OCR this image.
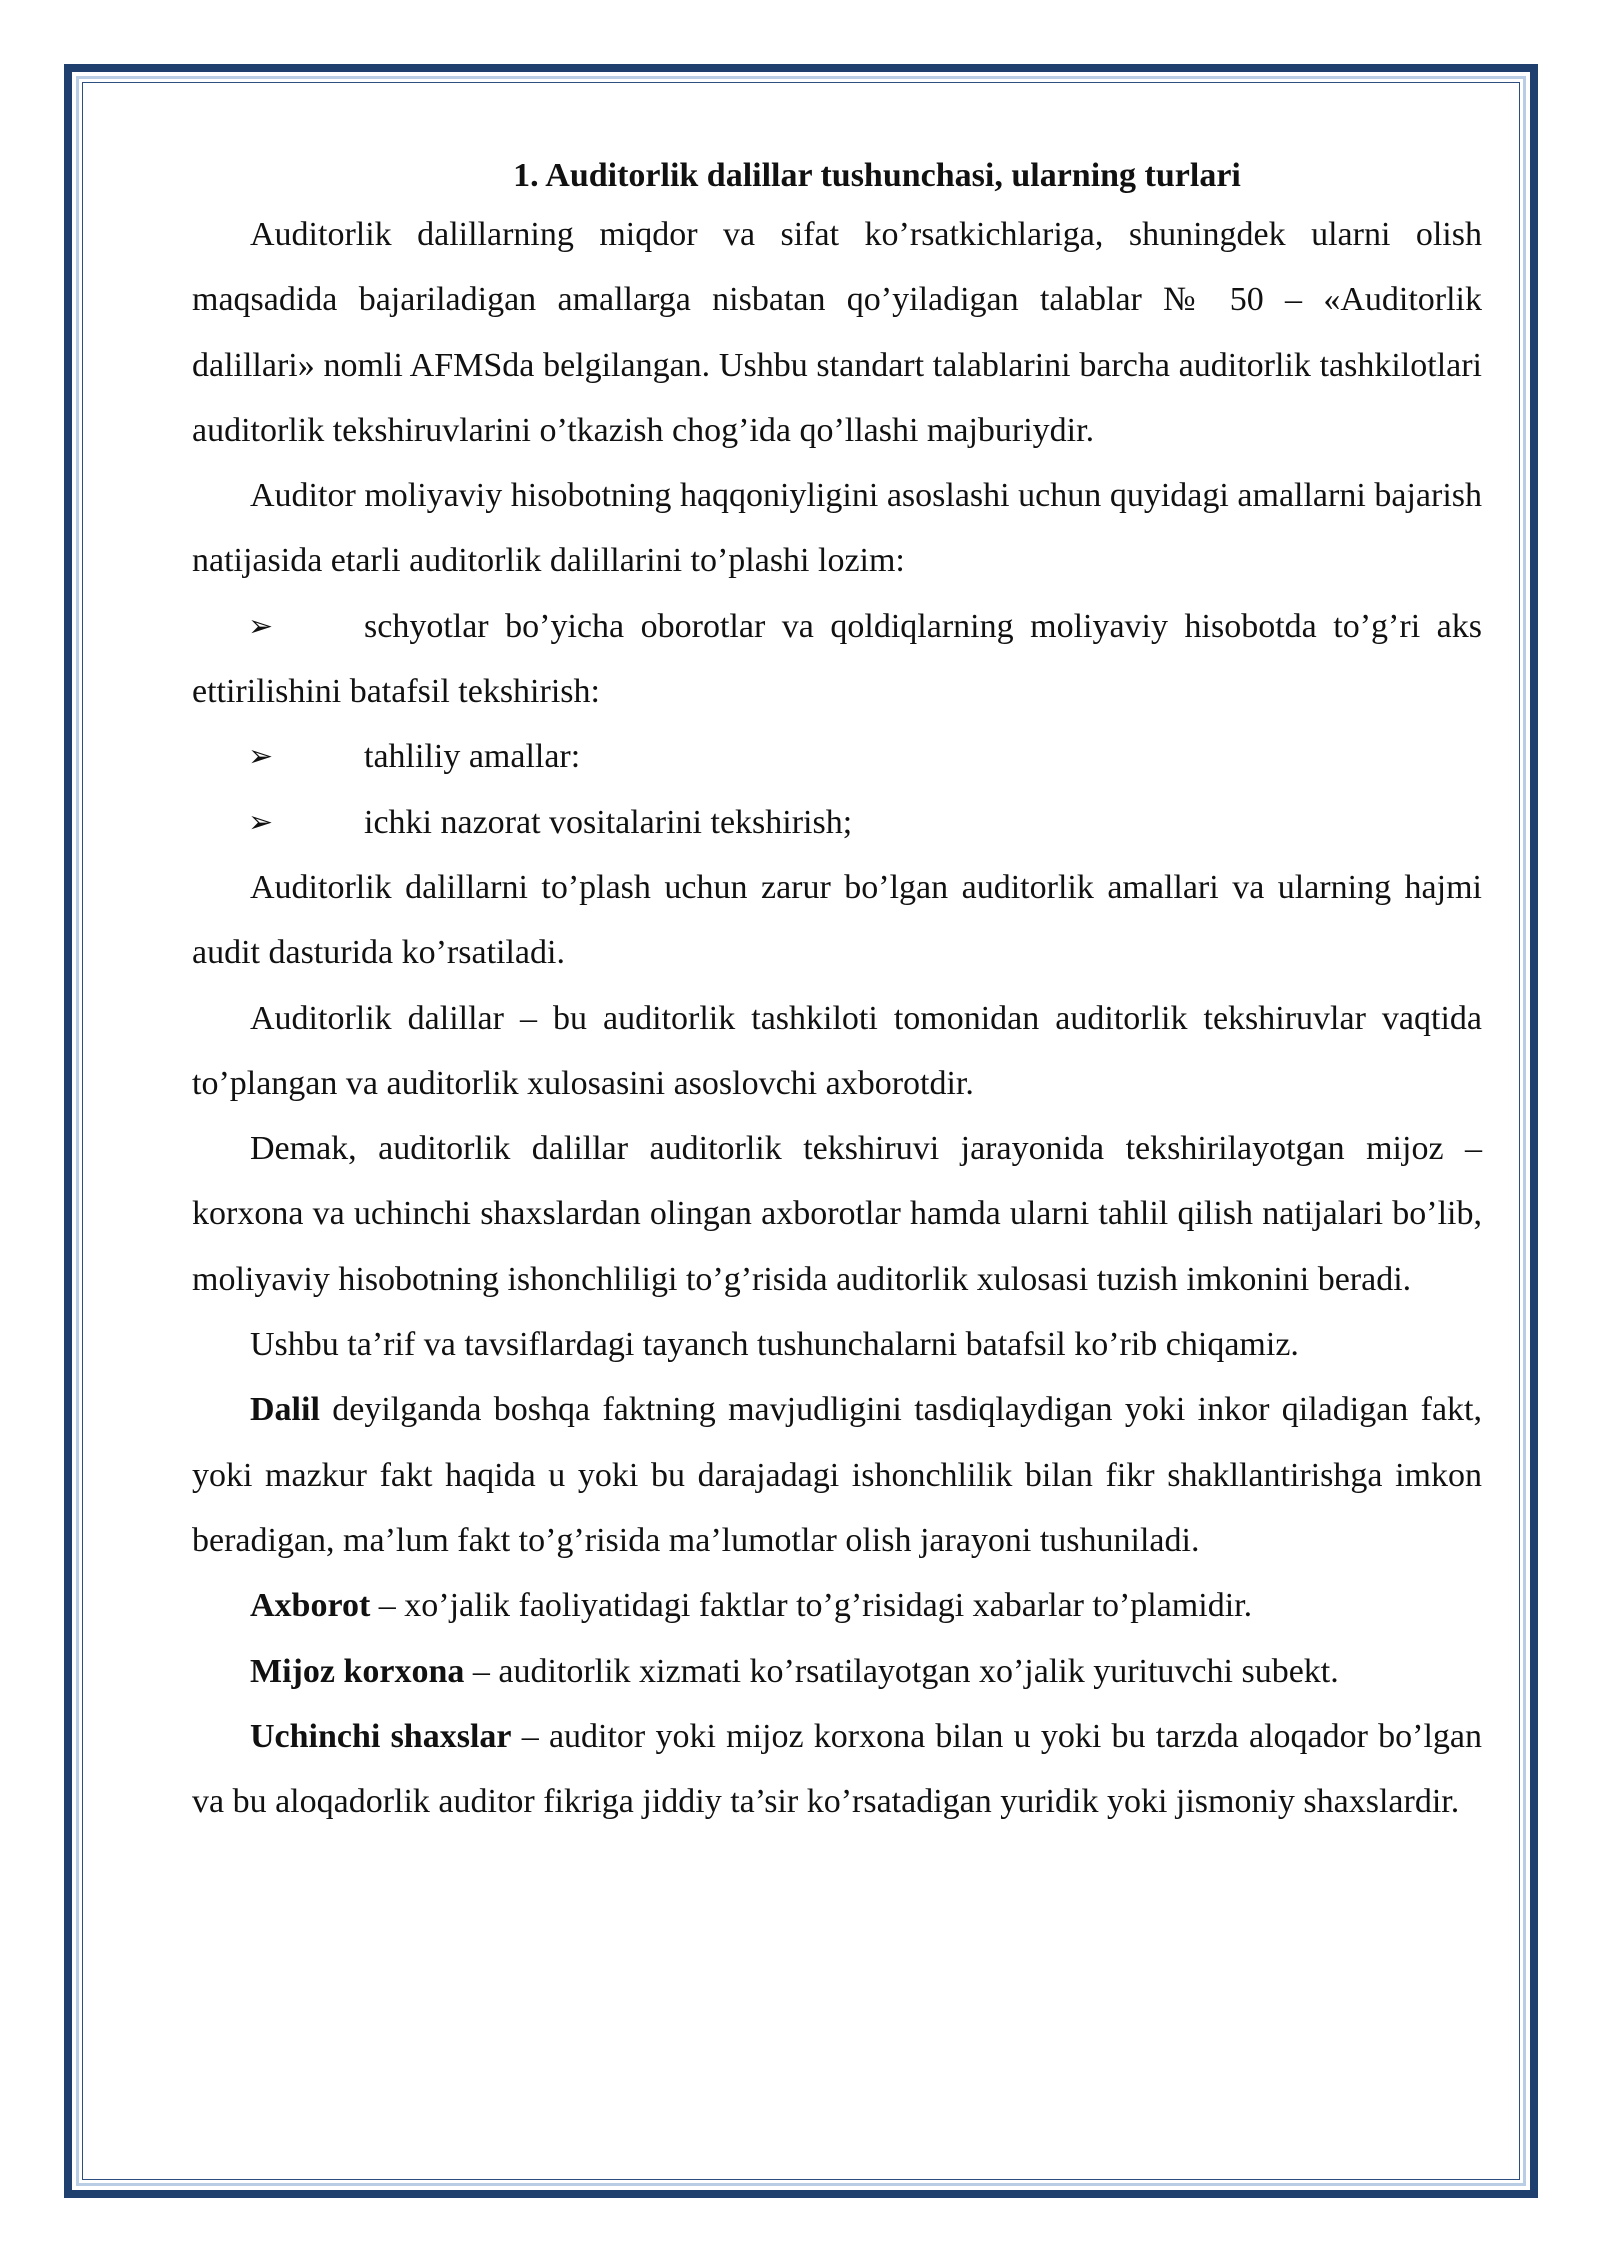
1. Auditorlik dalillar tushunchasi, ularning turlari

Auditorlik dalillarning miqdor va sifat ko’rsatkichlariga, shuningdek ularni olish maqsadida bajariladigan amallarga nisbatan qo’yiladigan talablar № 50 – «Auditorlik dalillari» nomli AFMSda belgilangan. Ushbu standart talablarini barcha auditorlik tashkilotlari auditorlik tekshiruvlarini o’tkazish chog’ida qo’llashi majburiydir.

Auditor moliyaviy hisobotning haqqoniyligini asoslashi uchun quyidagi amallarni bajarish natijasida etarli auditorlik dalillarini to’plashi lozim:

➢	schyotlar bo’yicha oborotlar va qoldiqlarning moliyaviy hisobotda to’g’ri aks ettirilishini batafsil tekshirish:

➢	tahliliy amallar:

➢	ichki nazorat vositalarini tekshirish;

Auditorlik dalillarni to’plash uchun zarur bo’lgan auditorlik amallari va ularning hajmi audit dasturida ko’rsatiladi.

Auditorlik dalillar – bu auditorlik tashkiloti tomonidan auditorlik tekshiruvlar vaqtida to’plangan va auditorlik xulosasini asoslovchi axborotdir.

Demak, auditorlik dalillar auditorlik tekshiruvi jarayonida tekshirilayotgan mijoz – korxona va uchinchi shaxslardan olingan axborotlar hamda ularni tahlil qilish natijalari bo’lib, moliyaviy hisobotning ishonchliligi to’g’risida auditorlik xulosasi tuzish imkonini beradi.

Ushbu ta’rif va tavsiflardagi tayanch tushunchalarni batafsil ko’rib chiqamiz.

Dalil deyilganda boshqa faktning mavjudligini tasdiqlaydigan yoki inkor qiladigan fakt, yoki mazkur fakt haqida u yoki bu darajadagi ishonchlilik bilan fikr shakllantirishga imkon beradigan, ma’lum fakt to’g’risida ma’lumotlar olish jarayoni tushuniladi.

Axborot – xo’jalik faoliyatidagi faktlar to’g’risidagi xabarlar to’plamidir.

Mijoz korxona – auditorlik xizmati ko’rsatilayotgan xo’jalik yurituvchi subekt.

Uchinchi shaxslar – auditor yoki mijoz korxona bilan u yoki bu tarzda aloqador bo’lgan va bu aloqadorlik auditor fikriga jiddiy ta’sir ko’rsatadigan yuridik yoki jismoniy shaxslardir.
